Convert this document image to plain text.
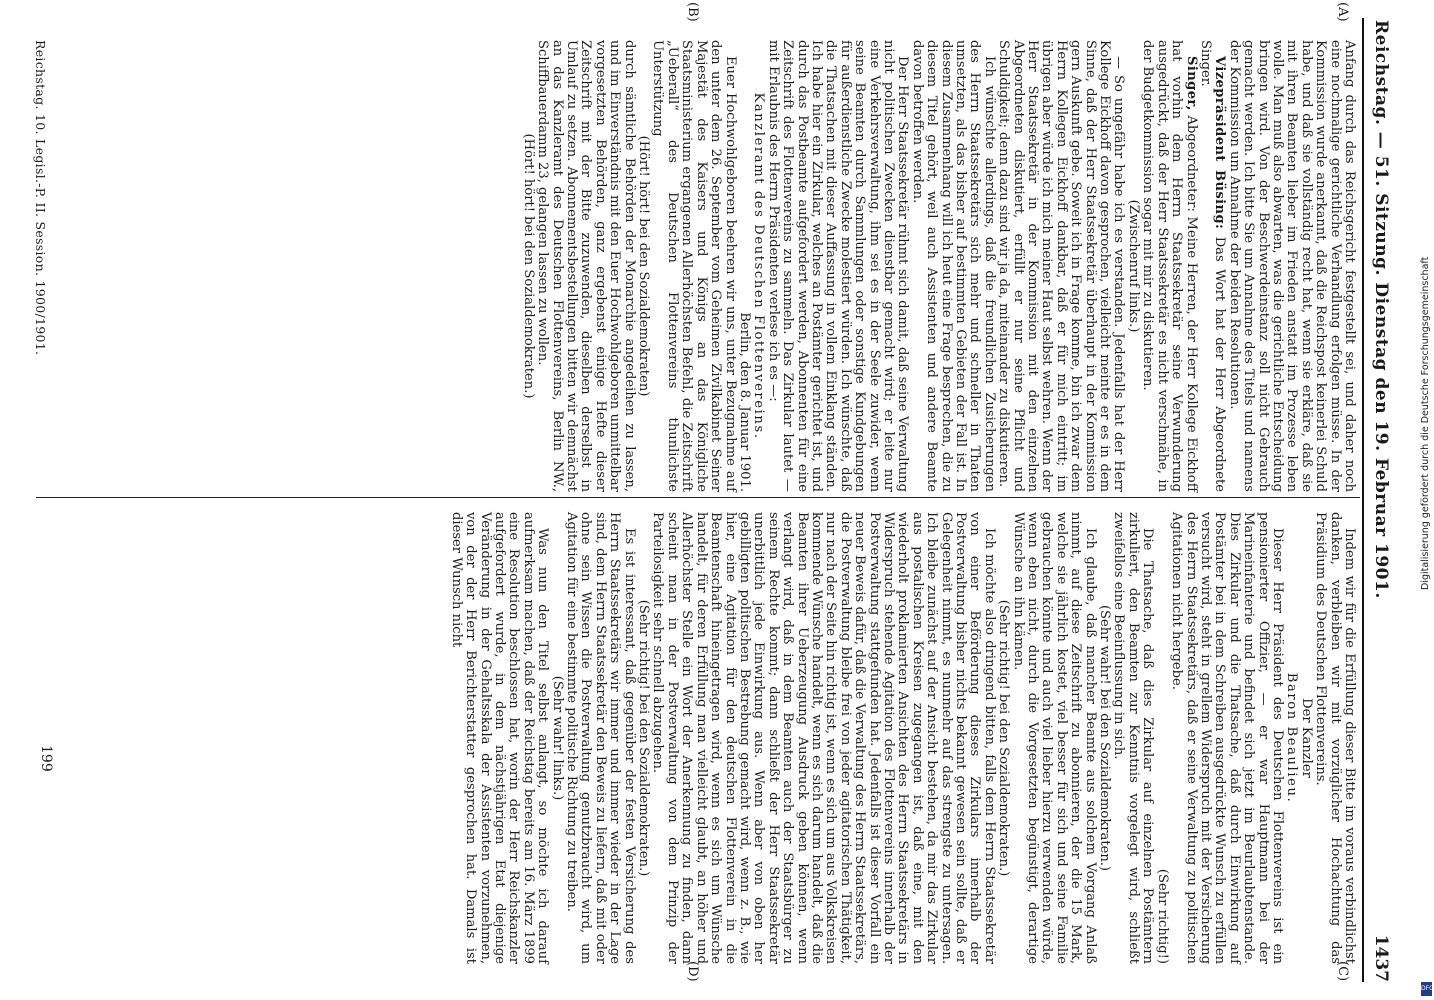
Reichstag. — 51. Sitzung. Dienstag den 19. Februar 1901.
1437
(A)
(B)
(C)
(D)

Anfang durch das Reichsgericht festgestellt sei, und daher noch eine nochmalige gerichtliche Verhandlung erfolgen müsse. In der Kommission wurde anerkannt, daß die Reichspost keinerlei Schuld habe, und daß sie vollständig recht hat, wenn sie erkläre, daß sie mit ihren Beamten lieber im Frieden anstatt im Prozesse leben wolle. Man muß also abwarten, was die gerichtliche Entscheidung bringen wird. Von der Beschwerdeinstanz soll nicht Gebrauch gemacht werden. Ich bitte Sie um Annahme des Titels und namens der Kommission um Annahme der beiden Resolutionen.

Vizepräsident Büsing: Das Wort hat der Herr Abgeordnete Singer.

Singer, Abgeordneter: Meine Herren, der Herr Kollege Eickhoff hat vorhin dem Herrn Staatssekretär seine Verwunderung ausgedrückt, daß der Herr Staatssekretär es nicht verschmähe, in der Budgetkommission sogar mit mir zu diskutieren.

(Zwischenruf links.)

— So ungefähr habe ich es verstanden. Jedenfalls hat der Herr Kollege Eickhoff davon gesprochen, vielleicht meinte er es in dem Sinne, daß der Herr Staatssekretär überhaupt in der Kommission gern Auskunft gebe. Soweit ich in Frage komme, bin ich zwar dem Herrn Kollegen Eickhoff dankbar, daß er für mich eintritt; im übrigen aber würde ich mich meiner Haut selbst wehren. Wenn der Herr Staatssekretär in der Kommission mit den einzelnen Abgeordneten diskutiert, erfüllt er nur seine Pflicht und Schuldigkeit; denn dazu sind wir ja da, miteinander zu diskutieren.

Ich wünschte allerdings, daß die freundlichen Zusicherungen des Herrn Staatssekretärs sich mehr und schneller in Thaten umsetzten, als das bisher auf bestimmten Gebieten der Fall ist. In diesem Zusammenhang will ich heut eine Frage besprechen, die zu diesem Titel gehört, weil auch Assistenten und andere Beamte davon betroffen werden.

Der Herr Staatssekretär rühmt sich damit, daß seine Verwaltung nicht politischen Zwecken dienstbar gemacht wird; er leite nur eine Verkehrsverwaltung, ihm sei es in der Seele zuwider, wenn seine Beamten durch Sammlungen oder sonstige Kundgebungen für außerdienstliche Zwecke molestiert würden. Ich wünschte, daß die Thatsachen mit dieser Auffassung in vollem Einklang ständen. Ich habe hier ein Zirkular, welches an Postämter gerichtet ist, und durch das Postbeamte aufgefordert werden, Abonnenten für eine Zeitschrift des Flottenvereins zu sammeln. Das Zirkular lautet — mit Erlaubnis des Herrn Präsidenten verlese ich es —:

Kanzleramt des Deutschen Flottenvereins.

Berlin, den 8. Januar 1901.

Euer Hochwohlgeboren beehren wir uns, unter Bezugnahme auf den unter dem 26. September vom Geheimen Zivilkabinet Seiner Majestät des Kaisers und Königs an das Königliche Staatsministerium ergangenen Allerhöchsten Befehl, die Zeitschrift „Ueberall“ des Deutschen Flottenvereins thunlichste Unterstützung

(Hört! hört! bei den Sozialdemokraten)

durch sämtliche Behörden der Monarchie angedeihen zu lassen, und im Einverständnis mit den Euer Hochwohlgeboren unmittelbar vorgesetzten Behörden, ganz ergebenst einige Hefte dieser Zeitschrift mit der Bitte zuzuwenden, dieselben derselbst in Umlauf zu setzen. Abonnementsbestellungen bitten wir demnächst an das Kanzleramt des Deutschen Flottenvereins, Berlin NW., Schiffbauerdamm 23, gelangen lassen zu wollen.

(Hört! hört! bei den Sozialdemokraten.)

Indem wir für die Erfüllung dieser Bitte im voraus verbindlichst danken, verbleiben wir mit vorzüglicher Hochachtung das Präsidium des Deutschen Flottenvereins.

Der Kanzler

Baron Beaulieu.

Dieser Herr Präsident des Deutschen Flottenvereins ist ein pensionierter Offizier, — er war Hauptmann bei der Marineinfanterie und befindet sich jetzt im Beurlaubtenstande. Dies Zirkular und die Thatsache, daß durch Einwirkung auf Postämter bei in dem Schreiben ausgedrückte Wunsch zu erfüllen versucht wird, steht in grellem Widerspruch mit der Versicherung des Herrn Staatssekretärs, daß er seine Verwaltung zu politischen Agitationen nicht hergebe.

(Sehr richtig!)

Die Thatsache, daß dies Zirkular auf einzelnen Postämtern zirkuliert, den Beamten zur Kenntnis vorgelegt wird, schließt zweifellos eine Beeinflussung in sich.

(Sehr wahr! bei den Sozialdemokraten.)

Ich glaube, daß mancher Beamte aus solchem Vorgang Anlaß nimmt, auf diese Zeitschrift zu abonnieren, der die 15 Mark, welche sie jährlich kostet, viel besser für sich und seine Familie gebrauchen könnte und auch viel lieber hierzu verwenden würde, wenn eben nicht, durch die Vorgesetzten begünstigt, derartige Wünsche an ihn kämen.

(Sehr richtig! bei den Sozialdemokraten.)

Ich möchte also dringend bitten, falls dem Herrn Staatssekretär von einer Beförderung dieses Zirkulars innerhalb der Postverwaltung bisher nichts bekannt gewesen sein sollte, daß er Gelegenheit nimmt, es nunmehr auf das strengste zu untersagen. Ich bleibe zunächst auf der Ansicht bestehen, da mir das Zirkular aus postalischen Kreisen zugegangen ist, daß eine, mit den wiederholt proklamierten Ansichten des Herrn Staatssekretärs in Widerspruch stehende Agitation des Flottenvereins innerhalb der Postverwaltung stattgefunden hat. Jedenfalls ist dieser Vorfall ein neuer Beweis dafür, daß die Verwaltung des Herrn Staatssekretärs, die Postverwaltung bleibe frei von jeder agitatorischen Thätigkeit, nur nach der Seite hin richtig ist, wenn es sich um aus Volkskreisen kommende Wünsche handelt, wenn es sich darum handelt, daß die Beamten ihrer Ueberzeugung Ausdruck geben können, wenn verlangt wird, daß in dem Beamten auch der Staatsbürger zu seinem Rechte kommt; dann schließt der Herr Staatssekretär unerbittlich jede Einwirkung aus. Wenn aber von oben her gebilligten politischen Bestrebung gemacht wird, wenn z. B., wie hier, eine Agitation für den deutschen Flottenverein in die Beamtenschaft hineingetragen wird, wenn es sich um Wünsche handelt, für deren Erfüllung man vielleicht glaubt, an höher und Allerhöchster Stelle ein Wort der Anerkennung zu finden, dann scheint man in der Postverwaltung von dem Prinzip der Parteilosigkeit sehr schnell abzugehen.

(Sehr richtig! bei den Sozialdemokraten.)

Es ist interessant, daß gegenüber der festen Versicherung des Herrn Staatssekretärs wir immer und immer wieder in der Lage sind, dem Herrn Staatssekretär den Beweis zu liefern, daß mit oder ohne sein Wissen die Postverwaltung genutzbraucht wird, um Agitation für eine bestimmte politische Richtung zu treiben.

(Sehr wahr! links.)

Was nun den Titel selbst anlangt, so möchte ich darauf aufmerksam machen, daß der Reichstag bereits am 16. März 1899 eine Resolution beschlossen hat, worin der Herr Reichskanzler aufgefordert wurde, in dem nächstjährigen Etat diejenige Veränderung in der Gehaltsskala der Assistenten vorzunehmen, von der der Herr Berichterstatter gesprochen hat. Damals ist dieser Wunsch nicht

Reichstag. 10. Legisl.-P. II. Session. 1900/1901.
199
Digitalisierung gefördert durch die Deutsche Forschungsgemeinschaft
DFG
